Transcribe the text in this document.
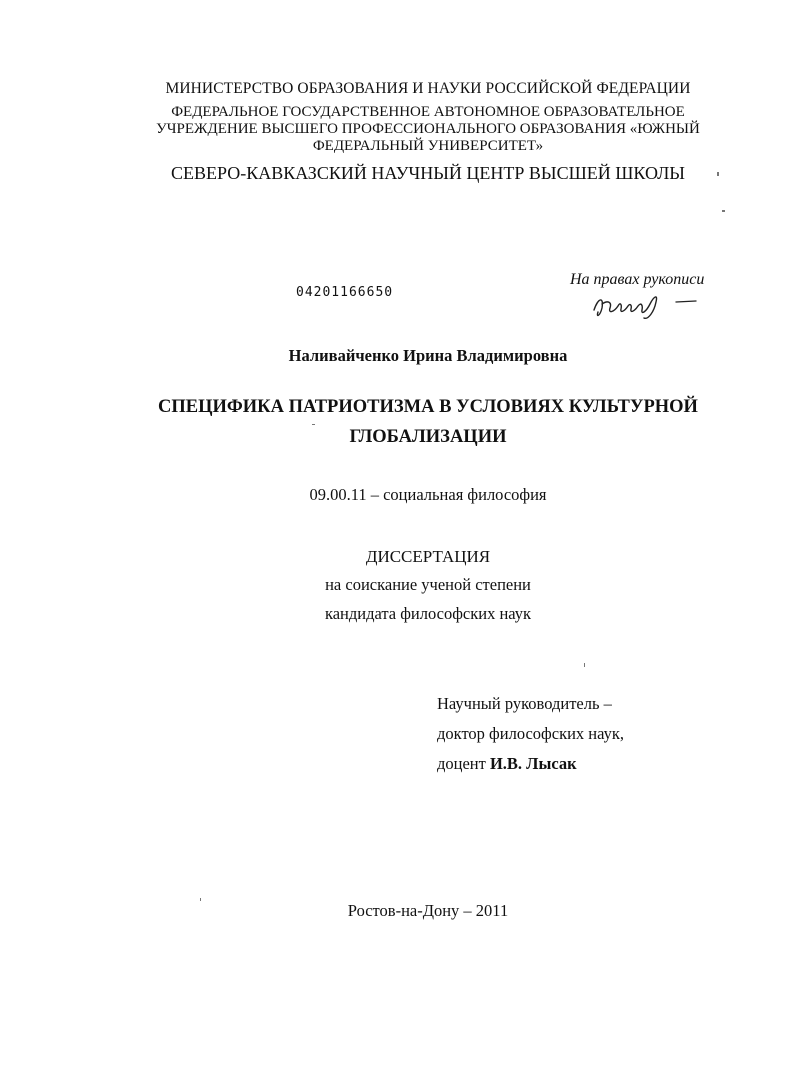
МИНИСТЕРСТВО ОБРАЗОВАНИЯ И НАУКИ РОССИЙСКОЙ ФЕДЕРАЦИИ
ФЕДЕРАЛЬНОЕ ГОСУДАРСТВЕННОЕ АВТОНОМНОЕ ОБРАЗОВАТЕЛЬНОЕ
УЧРЕЖДЕНИЕ ВЫСШЕГО ПРОФЕССИОНАЛЬНОГО ОБРАЗОВАНИЯ «ЮЖНЫЙ
ФЕДЕРАЛЬНЫЙ УНИВЕРСИТЕТ»
СЕВЕРО-КАВКАЗСКИЙ НАУЧНЫЙ ЦЕНТР ВЫСШЕЙ ШКОЛЫ
04201166650
На правах рукописи
Наливайченко Ирина Владимировна
СПЕЦИФИКА ПАТРИОТИЗМА В УСЛОВИЯХ КУЛЬТУРНОЙ
ГЛОБАЛИЗАЦИИ
09.00.11 – социальная философия
ДИССЕРТАЦИЯ
на соискание ученой степени
кандидата философских наук
Научный руководитель –
доктор философских наук,
доцент И.В. Лысак
Ростов-на-Дону – 2011
